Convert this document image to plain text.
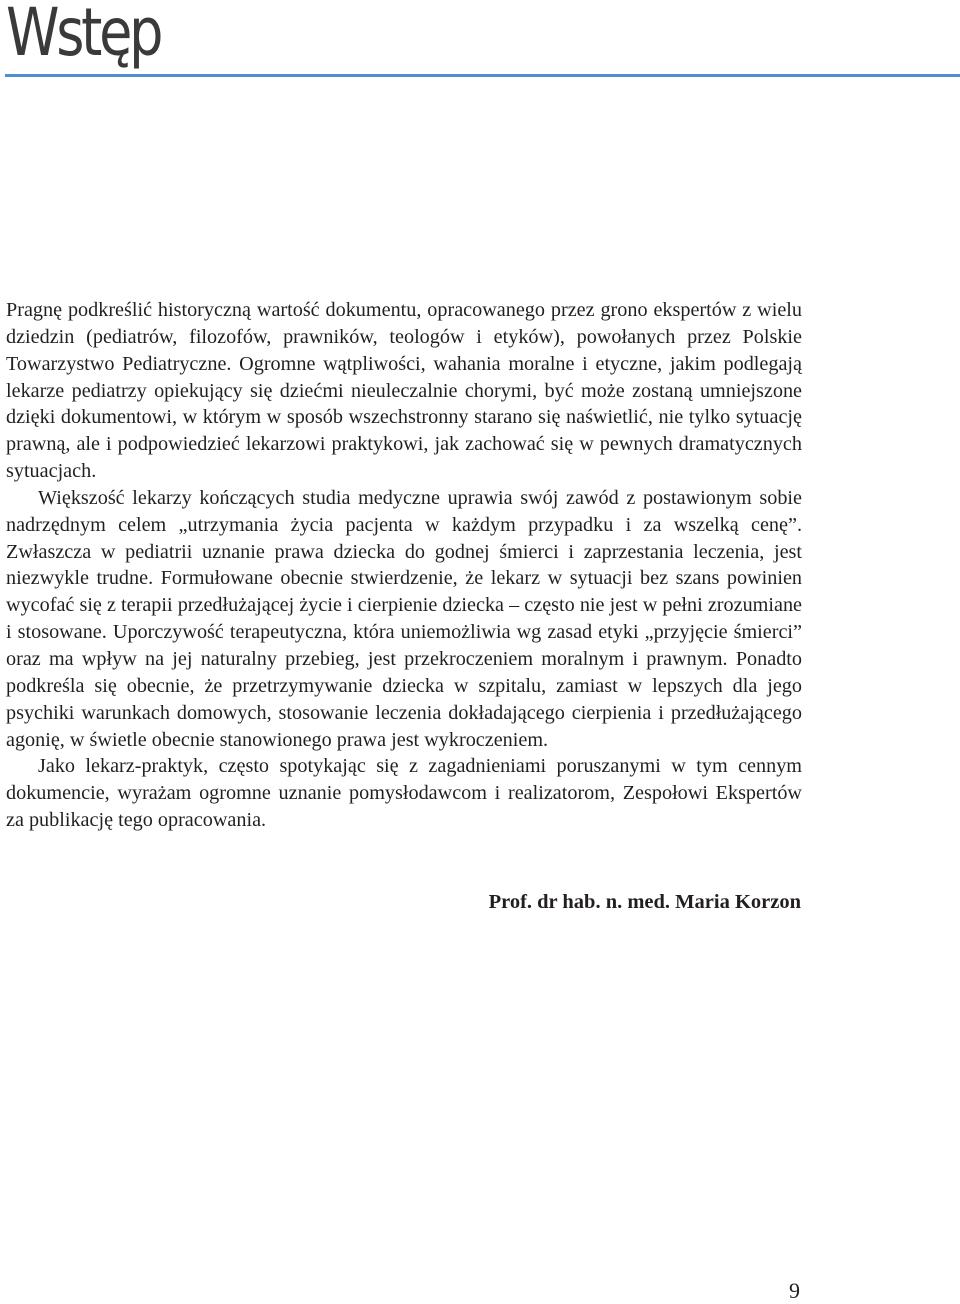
Wstęp

Pragnę podkreślić historyczną wartość dokumentu, opracowanego przez grono ekspertów z wielu dziedzin (pediatrów, filozofów, prawników, teologów i etyków), powołanych przez Polskie Towarzystwo Pediatryczne. Ogromne wątpliwości, wahania moralne i etyczne, jakim podlegają lekarze pediatrzy opiekujący się dziećmi nieuleczalnie chorymi, być może zostaną umniejszone dzięki dokumentowi, w którym w sposób wszechstronny starano się naświetlić, nie tylko sytuację prawną, ale i podpowiedzieć lekarzowi praktykowi, jak zachować się w pewnych dramatycznych sytuacjach.

Większość lekarzy kończących studia medyczne uprawia swój zawód z postawionym sobie nadrzędnym celem „utrzymania życia pacjenta w każdym przypadku i za wszelką cenę”. Zwłaszcza w pediatrii uznanie prawa dziecka do godnej śmierci i zaprzestania leczenia, jest niezwykle trudne. Formułowane obecnie stwierdzenie, że lekarz w sytuacji bez szans powinien wycofać się z terapii przedłużającej życie i cierpienie dziecka – często nie jest w pełni zrozumiane i stosowane. Uporczywość terapeutyczna, która uniemożliwia wg zasad etyki „przyjęcie śmierci” oraz ma wpływ na jej naturalny przebieg, jest przekroczeniem moralnym i prawnym. Ponadto podkreśla się obecnie, że przetrzymywanie dziecka w szpitalu, zamiast w lepszych dla jego psychiki warunkach domowych, stosowanie leczenia dokładającego cierpienia i przedłużającego agonię, w świetle obecnie stanowionego prawa jest wykroczeniem.

Jako lekarz-praktyk, często spotykając się z zagadnieniami poruszanymi w tym cennym dokumencie, wyrażam ogromne uznanie pomysłodawcom i realizatorom, Zespołowi Ekspertów za publikację tego opracowania.

Prof. dr hab. n. med. Maria Korzon
9
